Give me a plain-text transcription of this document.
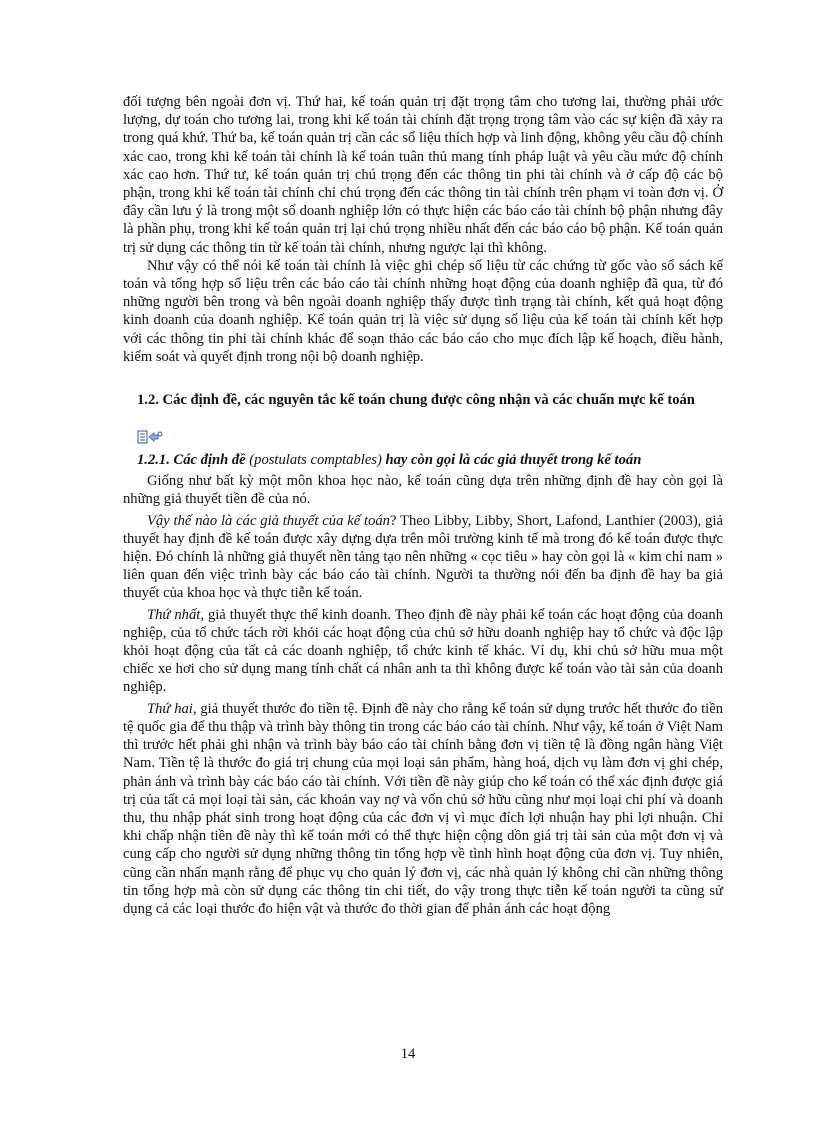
đối tượng bên ngoài đơn vị. Thứ hai, kế toán quản trị đặt trọng tâm cho tương lai, thường phải ước lượng, dự toán cho tương lai, trong khi kế toán tài chính đặt trọng trọng tâm vào các sự kiện đã xảy ra trong quá khứ. Thứ ba, kế toán quản trị cần các số liệu thích hợp và linh động, không yêu cầu độ chính xác cao, trong khi kế toán tài chính là kế toán tuân thủ mang tính pháp luật và yêu cầu mức độ chính xác cao hơn. Thứ tư, kế toán quản trị chú trọng đến các thông tin phi tài chính và ở cấp độ các bộ phận, trong khi kế toán tài chính chỉ chú trọng đến các thông tin tài chính trên phạm vi toàn đơn vị. Ở đây cần lưu ý là trong một số doanh nghiệp lớn có thực hiện các báo cáo tài chính bộ phận nhưng đây là phần phụ, trong khi kế toán quản trị lại chú trọng nhiều nhất đến các báo cáo bộ phận. Kế toán quản trị sử dụng các thông tin từ kế toán tài chính, nhưng ngược lại thì không.

Như vậy có thể nói kế toán tài chính là việc ghi chép số liệu từ các chứng từ gốc vào sổ sách kế toán và tổng hợp số liệu trên các báo cáo tài chính những hoạt động của doanh nghiệp đã qua, từ đó những người bên trong và bên ngoài doanh nghiệp thấy được tình trạng tài chính, kết quả hoạt động kinh doanh của doanh nghiệp. Kế toán quản trị là việc sử dụng số liệu của kế toán tài chính kết hợp với các thông tin phi tài chính khác để soạn thảo các báo cáo cho mục đích lập kế hoạch, điều hành, kiểm soát và quyết định trong nội bộ doanh nghiệp.

1.2. Các định đề, các nguyên tắc kế toán chung được công nhận và các chuẩn mực kế toán

1.2.1. Các định đề (postulats comptables) hay còn gọi là các giả thuyết trong kế toán

Giống như bất kỳ một môn khoa học nào, kế toán cũng dựa trên những định đề hay còn gọi là những giả thuyết tiền đề của nó.

Vậy thế nào là các giả thuyết của kế toán? Theo Libby, Libby, Short, Lafond, Lanthier (2003), giả thuyết hay định đề kế toán được xây dựng dựa trên môi trường kinh tế mà trong đó kế toán được thực hiện. Đó chính là những giả thuyết nền tảng tạo nên những « cọc tiêu » hay còn gọi là « kim chỉ nam » liên quan đến việc trình bày các báo cáo tài chính. Người ta thường nói đến ba định đề hay ba giả thuyết của khoa học và thực tiễn kế toán.

Thứ nhất, giả thuyết thực thể kinh doanh. Theo định đề này phải kế toán các hoạt động của doanh nghiệp, của tổ chức tách rời khỏi các hoạt động của chủ sở hữu doanh nghiệp hay tổ chức và độc lập khỏi hoạt động của tất cả các doanh nghiệp, tổ chức kinh tế khác. Ví dụ, khi chủ sở hữu mua một chiếc xe hơi cho sử dụng mang tính chất cá nhân anh ta thì không được kế toán vào tài sản của doanh nghiệp.

Thứ hai, giả thuyết thước đo tiền tệ. Định đề này cho rằng kế toán sử dụng trước hết thước đo tiền tệ quốc gia để thu thập và trình bày thông tin trong các báo cáo tài chính. Như vậy, kế toán ở Việt Nam thì trước hết phải ghi nhận và trình bày báo cáo tài chính bằng đơn vị tiền tệ là đồng ngân hàng Việt Nam. Tiền tệ là thước đo giá trị chung của mọi loại sản phẩm, hàng hoá, dịch vụ làm đơn vị ghi chép, phản ánh và trình bày các báo cáo tài chính. Với tiền đề này giúp cho kế toán có thể xác định được giá trị của tất cả mọi loại tài sản, các khoản vay nợ và vốn chủ sở hữu cũng như mọi loại chi phí và doanh thu, thu nhập phát sinh trong hoạt động của các đơn vị vì mục đích lợi nhuận hay phi lợi nhuận. Chỉ khi chấp nhận tiền đề này thì kế toán mới có thể thực hiện cộng dồn giá trị tài sản của một đơn vị và cung cấp cho người sử dụng những thông tin tổng hợp về tình hình hoạt động của đơn vị. Tuy nhiên, cũng cần nhấn mạnh rằng để phục vụ cho quản lý đơn vị, các nhà quản lý không chỉ cần những thông tin tổng hợp mà còn sử dụng các thông tin chi tiết, do vậy trong thực tiễn kế toán người ta cũng sử dụng cả các loại thước đo hiện vật và thước đo thời gian để phản ánh các hoạt động

14
